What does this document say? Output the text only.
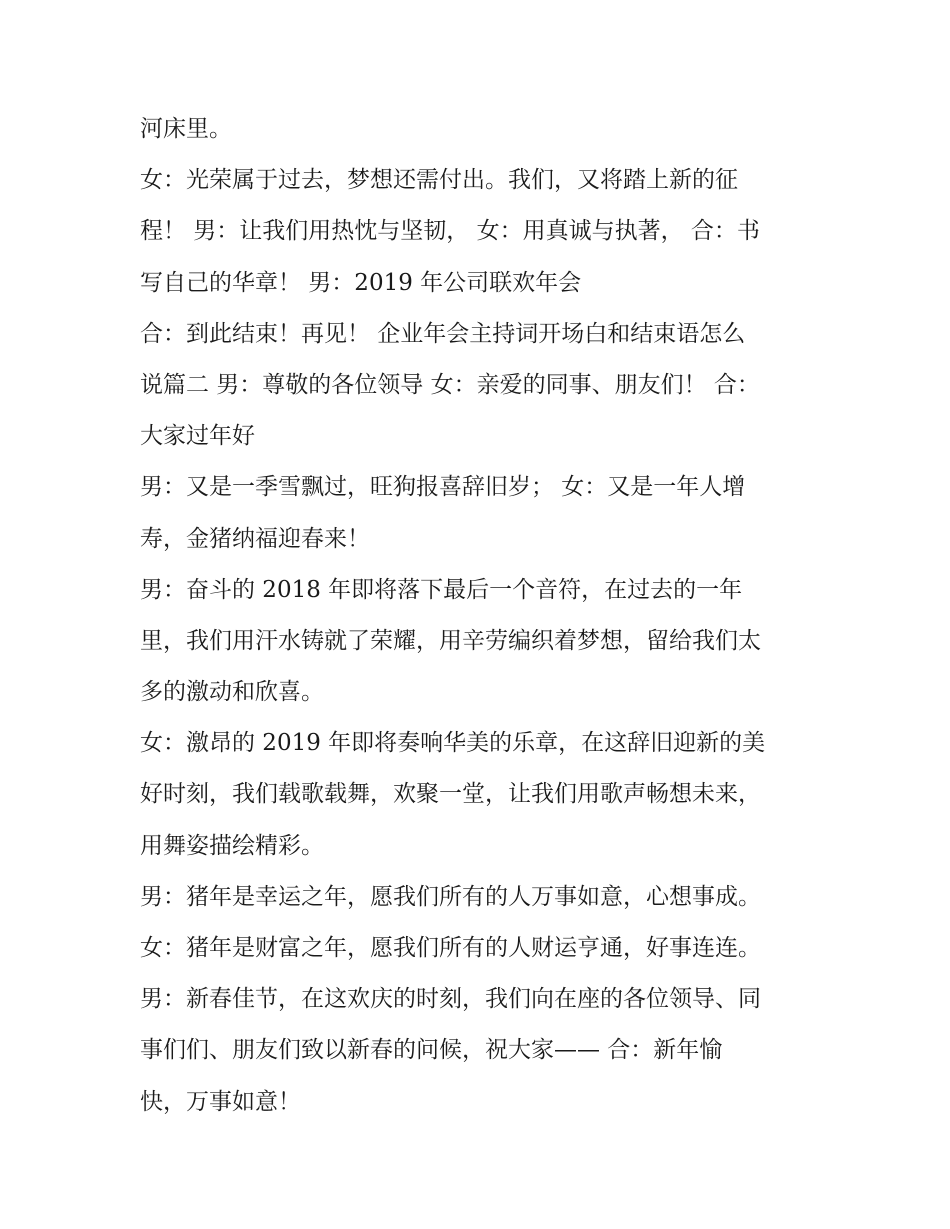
河床里。
女：光荣属于过去，梦想还需付出。我们，又将踏上新的征
程！ 男：让我们用热忱与坚韧， 女：用真诚与执著， 合：书
写自己的华章！ 男：2019 年公司联欢年会
合：到此结束！再见！ 企业年会主持词开场白和结束语怎么
说篇二 男：尊敬的各位领导 女：亲爱的同事、朋友们！ 合：
大家过年好
男：又是一季雪飘过，旺狗报喜辞旧岁； 女：又是一年人增
寿，金猪纳福迎春来！
男：奋斗的 2018 年即将落下最后一个音符，在过去的一年
里，我们用汗水铸就了荣耀，用辛劳编织着梦想，留给我们太
多的激动和欣喜。
女：激昂的 2019 年即将奏响华美的乐章，在这辞旧迎新的美
好时刻，我们载歌载舞，欢聚一堂，让我们用歌声畅想未来，
用舞姿描绘精彩。
男：猪年是幸运之年，愿我们所有的人万事如意，心想事成。
女：猪年是财富之年，愿我们所有的人财运亨通，好事连连。
男：新春佳节，在这欢庆的时刻，我们向在座的各位领导、同
事们们、朋友们致以新春的问候，祝大家—— 合：新年愉
快，万事如意！
